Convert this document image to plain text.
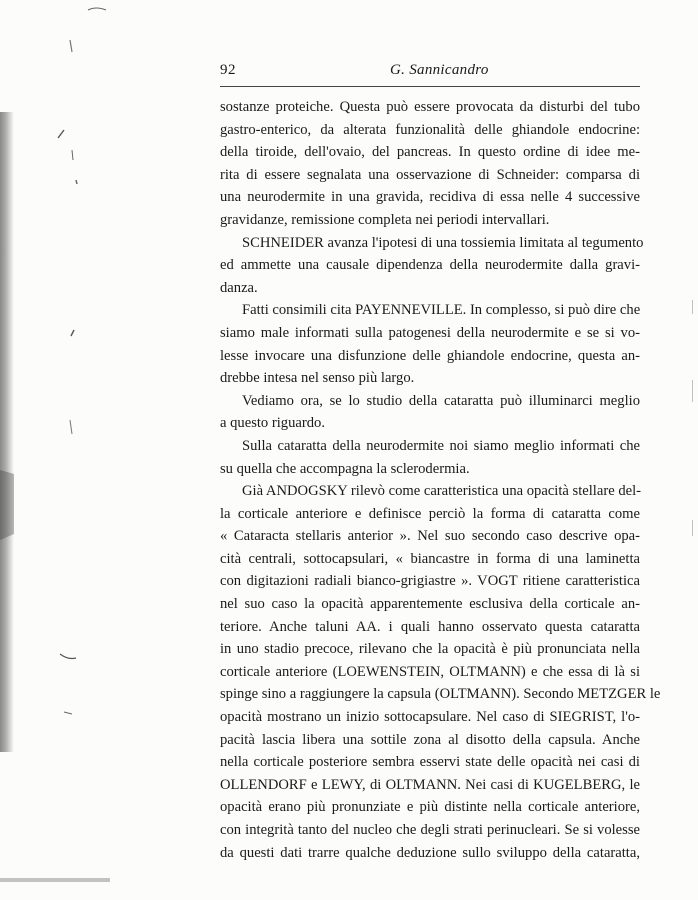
92	G. Sannicandro
sostanze proteiche. Questa può essere provocata da disturbi del tubo
gastro-enterico, da alterata funzionalità delle ghiandole endocrine:
della tiroide, dell'ovaio, del pancreas. In questo ordine di idee me-
rita di essere segnalata una osservazione di Schneider: comparsa di
una neurodermite in una gravida, recidiva di essa nelle 4 successive
gravidanze, remissione completa nei periodi intervallari.
SCHNEIDER avanza l'ipotesi di una tossiemia limitata al tegumento
ed ammette una causale dipendenza della neurodermite dalla gravi-
danza.
Fatti consimili cita PAYENNEVILLE. In complesso, si può dire che
siamo male informati sulla patogenesi della neurodermite e se si vo-
lesse invocare una disfunzione delle ghiandole endocrine, questa an-
drebbe intesa nel senso più largo.
Vediamo ora, se lo studio della cataratta può illuminarci meglio
a questo riguardo.
Sulla cataratta della neurodermite noi siamo meglio informati che
su quella che accompagna la sclerodermia.
Già ANDOGSKY rilevò come caratteristica una opacità stellare del-
la corticale anteriore e definisce perciò la forma di cataratta come
« Cataracta stellaris anterior ». Nel suo secondo caso descrive opa-
cità centrali, sottocapsulari, « biancastre in forma di una laminetta
con digitazioni radiali bianco-grigiastre ». VOGT ritiene caratteristica
nel suo caso la opacità apparentemente esclusiva della corticale an-
teriore. Anche taluni AA. i quali hanno osservato questa cataratta
in uno stadio precoce, rilevano che la opacità è più pronunciata nella
corticale anteriore (LOEWENSTEIN, OLTMANN) e che essa di là si
spinge sino a raggiungere la capsula (OLTMANN). Secondo METZGER le
opacità mostrano un inizio sottocapsulare. Nel caso di SIEGRIST, l'o-
pacità lascia libera una sottile zona al disotto della capsula. Anche
nella corticale posteriore sembra esservi state delle opacità nei casi di
OLLENDORF e LEWY, di OLTMANN. Nei casi di KUGELBERG, le
opacità erano più pronunziate e più distinte nella corticale anteriore,
con integrità tanto del nucleo che degli strati perinucleari. Se si volesse
da questi dati trarre qualche deduzione sullo sviluppo della cataratta,
